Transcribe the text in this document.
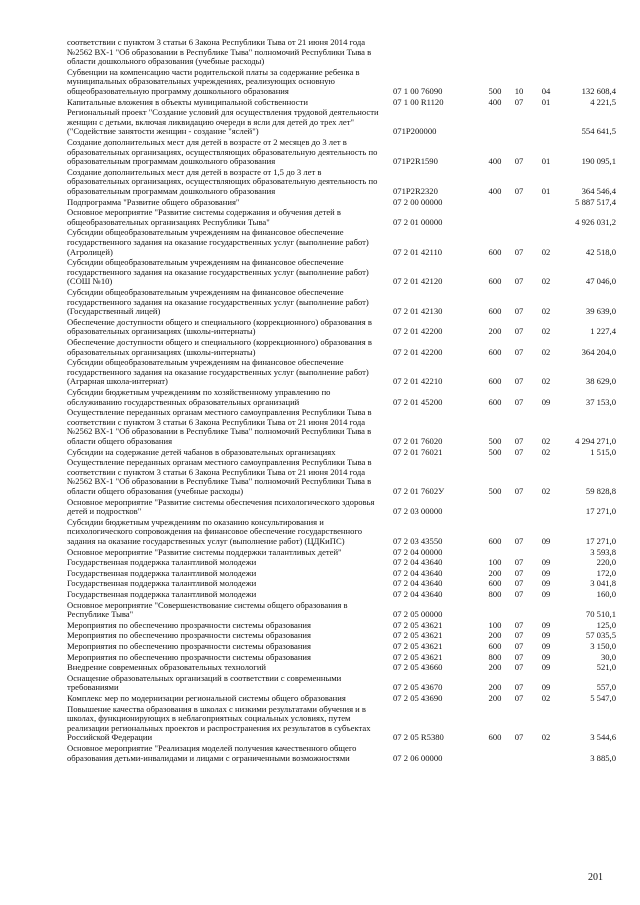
соответствии с пунктом 3 статьи 6 Закона Республики Тыва от 21 июня 2014 года
№2562 ВХ-1 "Об образовании в Республике Тыва" полномочий Республики Тыва в
области дошкольного образования (учебные расходы)
Субвенции на компенсацию части родительской платы за содержание ребенка в
муниципальных образовательных учреждениях, реализующих основную
общеобразовательную программу дошкольного образования	07 1 00 76090	500	10	04	132 608,4
Капитальные вложения в объекты муниципальной собственности	07 1 00 R1120	400	07	01	4 221,5
Региональный проект "Создание условий для осуществления трудовой деятельности
женщин с детьми, включая ликвидацию очереди в ясли для детей до трех лет"
("Содействие занятости женщин - создание "яслей")	071P200000	554 641,5
Создание дополнительных мест для детей в возрасте от 2 месяцев до 3 лет в
образовательных организациях, осуществляющих образовательную деятельность по
образовательным программам дошкольного образования	071P2R1590	400	07	01	190 095,1
Создание дополнительных мест для детей в возрасте от 1,5 до 3 лет в
образовательных организациях, осуществляющих образовательную деятельность по
образовательным программам дошкольного образования	071P2R2320	400	07	01	364 546,4
Подпрограмма "Развитие общего образования"	07 2 00 00000	5 887 517,4
Основное мероприятие "Развитие системы содержания и обучения детей в
общеобразовательных организациях Республики Тыва"	07 2 01 00000	4 926 031,2
Субсидии общеобразовательным учреждениям на финансовое обеспечение
государственного задания на оказание государственных услуг (выполнение работ)
(Агролицей)	07 2 01 42110	600	07	02	42 518,0
Субсидии общеобразовательным учреждениям на финансовое обеспечение
государственного задания на оказание государственных услуг (выполнение работ)
(СОШ №10)	07 2 01 42120	600	07	02	47 046,0
Субсидии общеобразовательным учреждениям на финансовое обеспечение
государственного задания на оказание государственных услуг (выполнение работ)
(Государственный лицей)	07 2 01 42130	600	07	02	39 639,0
Обеспечение доступности общего и специального (коррекционного) образования в
образовательных организациях (школы-интернаты)	07 2 01 42200	200	07	02	1 227,4
Обеспечение доступности общего и специального (коррекционного) образования в
образовательных организациях (школы-интернаты)	07 2 01 42200	600	07	02	364 204,0
Субсидии общеобразовательным учреждениям на финансовое обеспечение
государственного задания на оказание государственных услуг (выполнение работ)
(Аграрная школа-интернат)	07 2 01 42210	600	07	02	38 629,0
Субсидии бюджетным учреждениям по хозяйственному управлению по
обслуживанию государственных образовательных организаций	07 2 01 45200	600	07	09	37 153,0
Осуществление переданных органам местного самоуправления Республики Тыва в
соответствии с пунктом 3 статьи 6 Закона Республики Тыва от 21 июня 2014 года
№2562 ВХ-1 "Об образовании в Республике Тыва" полномочий Республики Тыва в
области общего образования	07 2 01 76020	500	07	02	4 294 271,0
Субсидии на содержание детей чабанов в образовательных организациях	07 2 01 76021	500	07	02	1 515,0
Осуществление переданных органам местного самоуправления Республики Тыва в
соответствии с пунктом 3 статьи 6 Закона Республики Тыва от 21 июня 2014 года
№2562 ВХ-1 "Об образовании в Республике Тыва" полномочий Республики Тыва в
области общего образования (учебные расходы)	07 2 01 7602У	500	07	02	59 828,8
Основное мероприятие "Развитие системы обеспечения психологического здоровья
детей и подростков"	07 2 03 00000	17 271,0
Субсидии бюджетным учреждениям по оказанию консультирования и
психологического сопровождения на финансовое обеспечение государственного
задания на оказание государственных услуг (выполнение работ) (ЦДКиПС)	07 2 03 43550	600	07	09	17 271,0
Основное мероприятие "Развитие системы поддержки талантливых детей"	07 2 04 00000	3 593,8
Государственная поддержка талантливой молодежи	07 2 04 43640	100	07	09	220,0
Государственная поддержка талантливой молодежи	07 2 04 43640	200	07	09	172,0
Государственная поддержка талантливой молодежи	07 2 04 43640	600	07	09	3 041,8
Государственная поддержка талантливой молодежи	07 2 04 43640	800	07	09	160,0
Основное мероприятие "Совершенствование системы общего образования в
Республике Тыва"	07 2 05 00000	70 510,1
Мероприятия по обеспечению прозрачности системы образования	07 2 05 43621	100	07	09	125,0
Мероприятия по обеспечению прозрачности системы образования	07 2 05 43621	200	07	09	57 035,5
Мероприятия по обеспечению прозрачности системы образования	07 2 05 43621	600	07	09	3 150,0
Мероприятия по обеспечению прозрачности системы образования	07 2 05 43621	800	07	09	30,0
Внедрение современных образовательных технологий	07 2 05 43660	200	07	09	521,0
Оснащение образовательных организаций в соответствии с современными
требованиями	07 2 05 43670	200	07	09	557,0
Комплекс мер по модернизации региональной системы общего образования	07 2 05 43690	200	07	02	5 547,0
Повышение качества образования в школах с низкими результатами обучения и в
школах, функционирующих в неблагоприятных социальных условиях, путем
реализации региональных проектов и распространения их результатов в субъектах
Российской Федерации	07 2 05 R5380	600	07	02	3 544,6
Основное мероприятие "Реализация моделей получения качественного общего
образования детьми-инвалидами и лицами с ограниченными возможностями	07 2 06 00000	3 885,0
201
